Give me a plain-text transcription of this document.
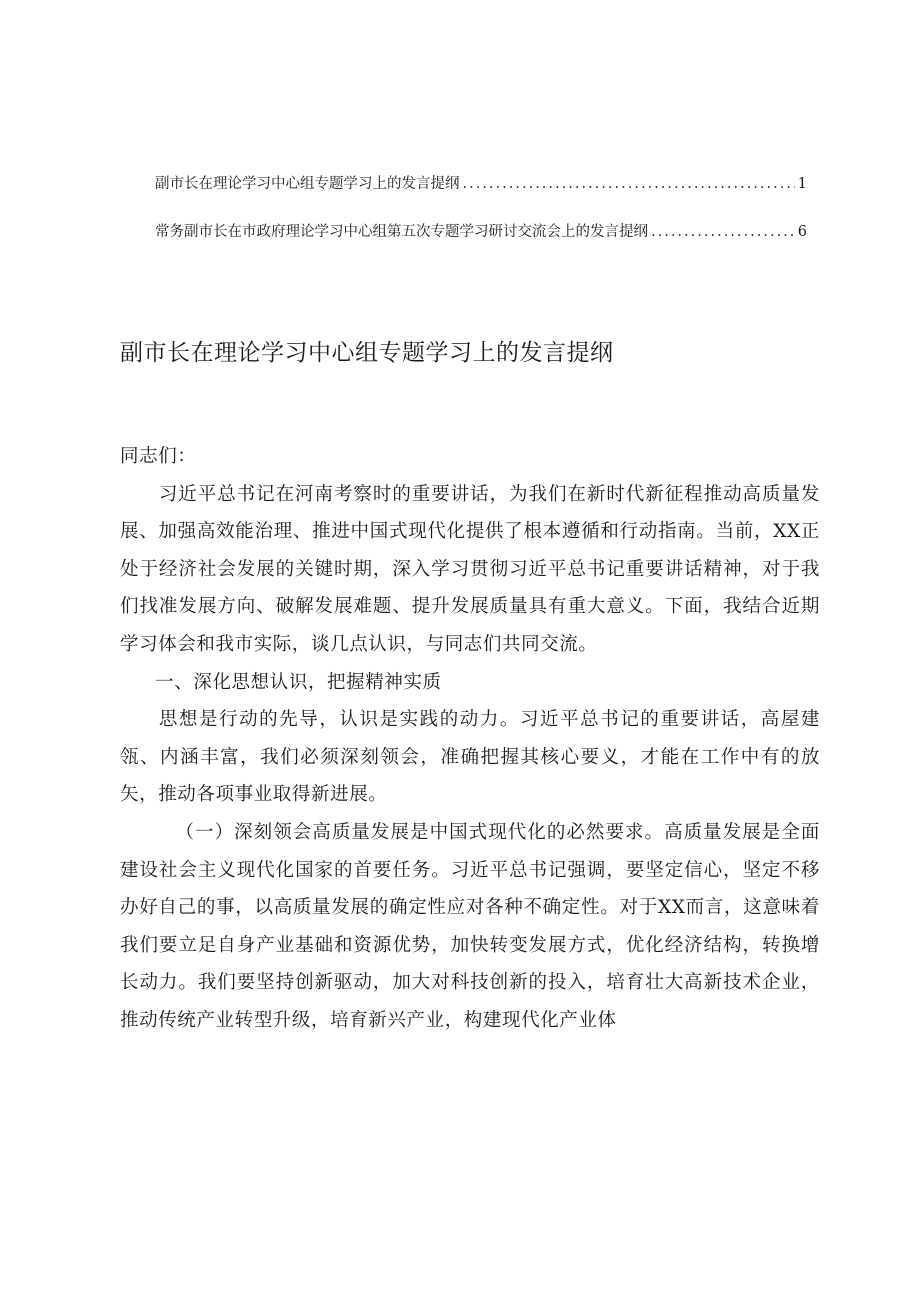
副市长在理论学习中心组专题学习上的发言提纲 .....	1
常务副市长在市政府理论学习中心组第五次专题学习研讨交流会上的发言提纲 .....	6
副市长在理论学习中心组专题学习上的发言提纲

同志们：

习近平总书记在河南考察时的重要讲话，为我们在新时代新征程推动高质量发展、加强高效能治理、推进中国式现代化提供了根本遵循和行动指南。当前，XX正处于经济社会发展的关键时期，深入学习贯彻习近平总书记重要讲话精神，对于我们找准发展方向、破解发展难题、提升发展质量具有重大意义。下面，我结合近期学习体会和我市实际，谈几点认识，与同志们共同交流。

一、深化思想认识，把握精神实质

思想是行动的先导，认识是实践的动力。习近平总书记的重要讲话，高屋建瓴、内涵丰富，我们必须深刻领会，准确把握其核心要义，才能在工作中有的放矢，推动各项事业取得新进展。

（一）深刻领会高质量发展是中国式现代化的必然要求。高质量发展是全面建设社会主义现代化国家的首要任务。习近平总书记强调，要坚定信心，坚定不移办好自己的事，以高质量发展的确定性应对各种不确定性。对于XX而言，这意味着我们要立足自身产业基础和资源优势，加快转变发展方式，优化经济结构，转换增长动力。我们要坚持创新驱动，加大对科技创新的投入，培育壮大高新技术企业，推动传统产业转型升级，培育新兴产业，构建现代化产业体
